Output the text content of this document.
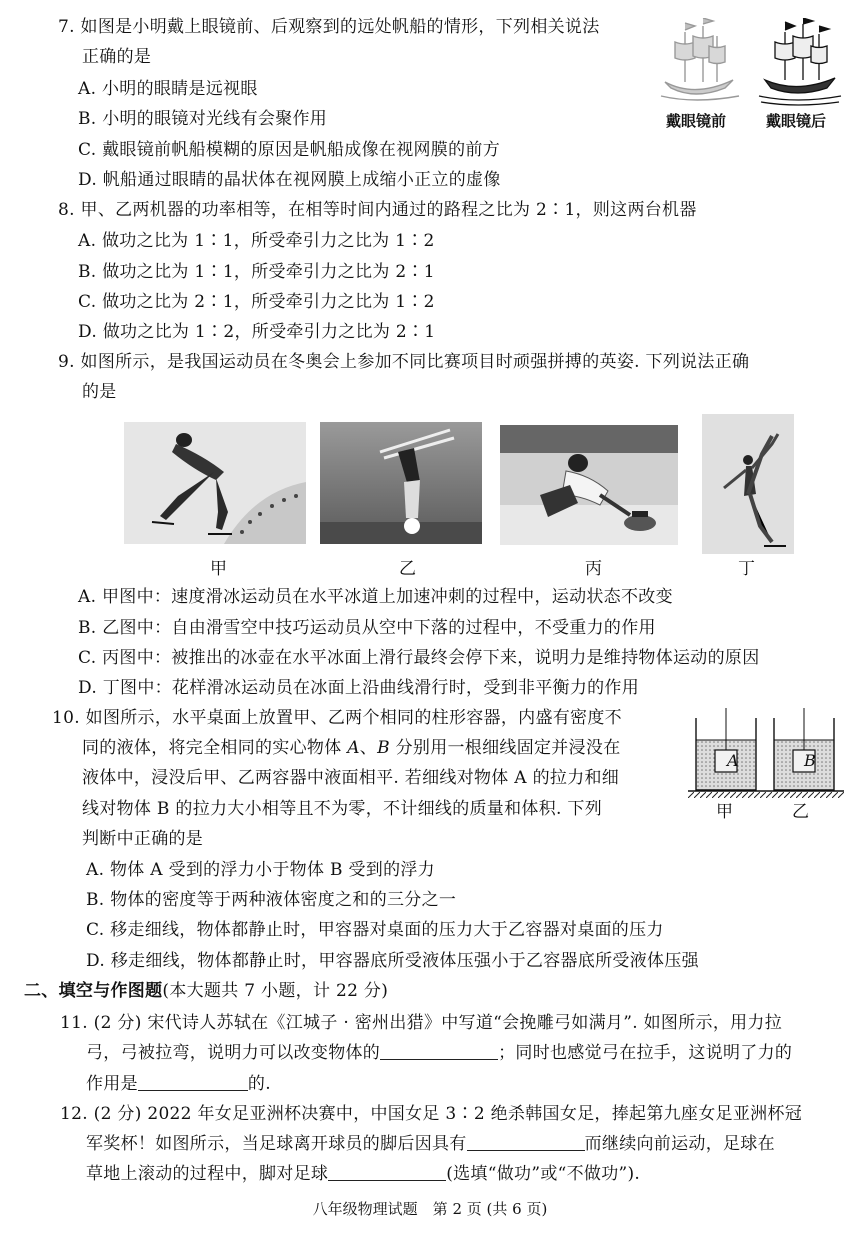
7. 如图是小明戴上眼镜前、后观察到的远处帆船的情形，下列相关说法
正确的是
A. 小明的眼睛是远视眼
B. 小明的眼镜对光线有会聚作用
C. 戴眼镜前帆船模糊的原因是帆船成像在视网膜的前方
D. 帆船通过眼睛的晶状体在视网膜上成缩小正立的虚像
戴眼镜前	戴眼镜后
8. 甲、乙两机器的功率相等，在相等时间内通过的路程之比为 2∶1，则这两台机器
A. 做功之比为 1∶1，所受牵引力之比为 1∶2
B. 做功之比为 1∶1，所受牵引力之比为 2∶1
C. 做功之比为 2∶1，所受牵引力之比为 1∶2
D. 做功之比为 1∶2，所受牵引力之比为 2∶1
9. 如图所示，是我国运动员在冬奥会上参加不同比赛项目时顽强拼搏的英姿. 下列说法正确
的是
甲	乙	丙	丁
A. 甲图中：速度滑冰运动员在水平冰道上加速冲刺的过程中，运动状态不改变
B. 乙图中：自由滑雪空中技巧运动员从空中下落的过程中，不受重力的作用
C. 丙图中：被推出的冰壶在水平冰面上滑行最终会停下来，说明力是维持物体运动的原因
D. 丁图中：花样滑冰运动员在冰面上沿曲线滑行时，受到非平衡力的作用
10. 如图所示，水平桌面上放置甲、乙两个相同的柱形容器，内盛有密度不
同的液体，将完全相同的实心物体 A、B 分别用一根细线固定并浸没在
液体中，浸没后甲、乙两容器中液面相平. 若细线对物体 A 的拉力和细
线对物体 B 的拉力大小相等且不为零，不计细线的质量和体积. 下列
判断中正确的是
A	B
甲	乙
A. 物体 A 受到的浮力小于物体 B 受到的浮力
B. 物体的密度等于两种液体密度之和的三分之一
C. 移走细线，物体都静止时，甲容器对桌面的压力大于乙容器对桌面的压力
D. 移走细线，物体都静止时，甲容器底所受液体压强小于乙容器底所受液体压强
二、填空与作图题(本大题共 7 小题，计 22 分)
11. (2 分) 宋代诗人苏轼在《江城子 · 密州出猎》中写道“会挽雕弓如满月”. 如图所示，用力拉
弓，弓被拉弯，说明力可以改变物体的	；同时也感觉弓在拉手，这说明了力的
作用是	的.
12. (2 分) 2022 年女足亚洲杯决赛中，中国女足 3∶2 绝杀韩国女足，捧起第九座女足亚洲杯冠
军奖杯！如图所示，当足球离开球员的脚后因具有	而继续向前运动，足球在
草地上滚动的过程中，脚对足球	(选填“做功”或“不做功”).
八年级物理试题　第 2 页 (共 6 页)
